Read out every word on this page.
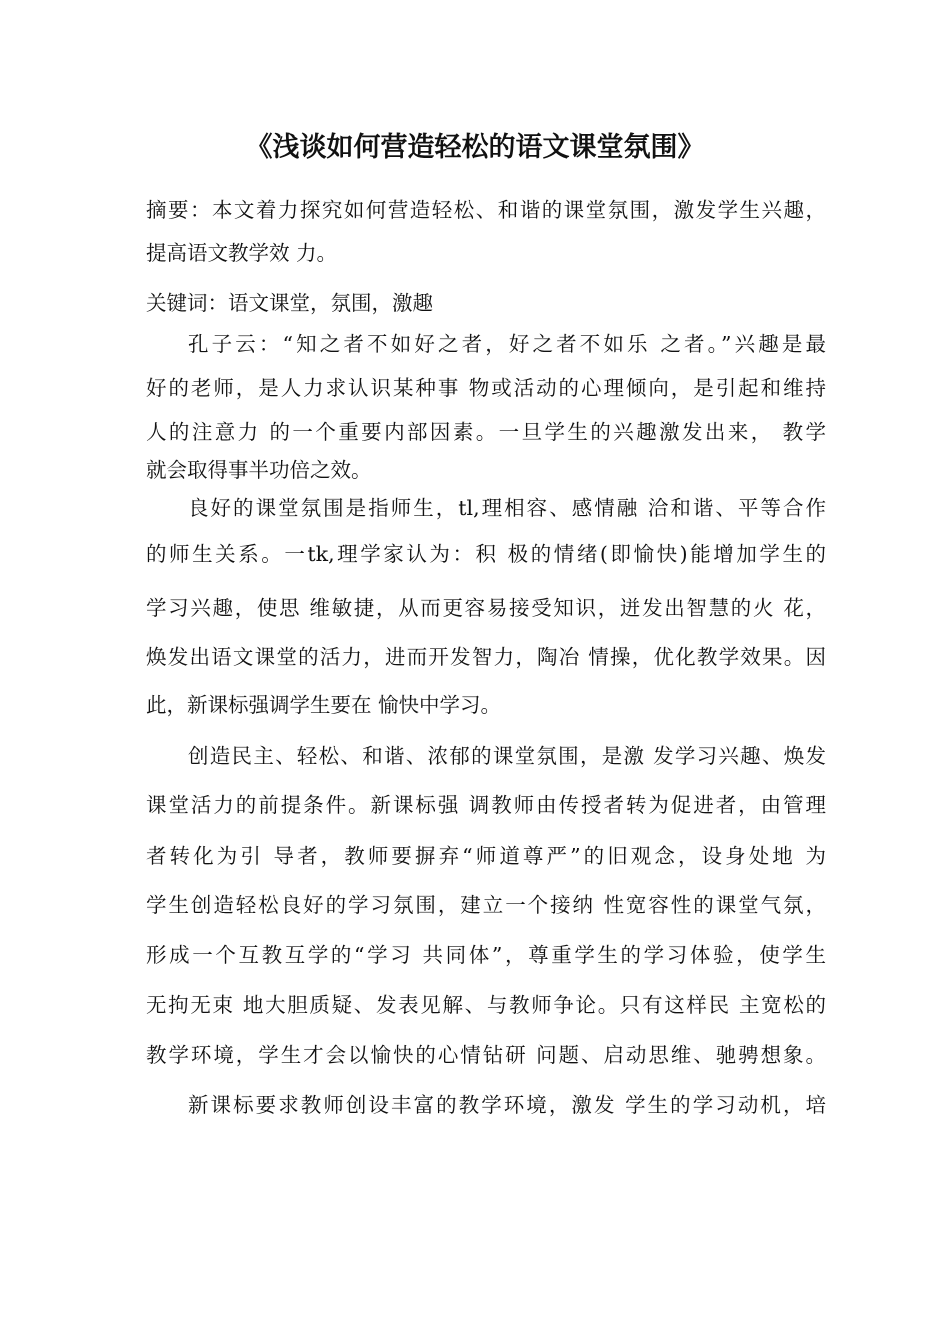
《浅谈如何营造轻松的语文课堂氛围》

摘要：本文着力探究如何营造轻松、和谐的课堂氛围，激发学生兴趣，

提高语文教学效 力。

关键词：语文课堂，氛围，激趣

孔子云：“知之者不如好之者，好之者不如乐 之者。”兴趣是最

好的老师，是人力求认识某种事 物或活动的心理倾向，是引起和维持

人的注意力 的一个重要内部因素。一旦学生的兴趣激发出来， 教学

就会取得事半功倍之效。

良好的课堂氛围是指师生，tl,理相容、感情融 洽和谐、平等合作

的师生关系。一tk,理学家认为：积 极的情绪(即愉快)能增加学生的

学习兴趣，使思 维敏捷，从而更容易接受知识，迸发出智慧的火 花，

焕发出语文课堂的活力，进而开发智力，陶冶 情操，优化教学效果。因

此，新课标强调学生要在 愉快中学习。

创造民主、轻松、和谐、浓郁的课堂氛围，是激 发学习兴趣、焕发

课堂活力的前提条件。新课标强 调教师由传授者转为促进者，由管理

者转化为引 导者，教师要摒弃“师道尊严”的旧观念，设身处地 为

学生创造轻松良好的学习氛围，建立一个接纳 性宽容性的课堂气氛，

形成一个互教互学的“学习 共同体”，尊重学生的学习体验，使学生

无拘无束 地大胆质疑、发表见解、与教师争论。只有这样民 主宽松的

教学环境，学生才会以愉快的心情钻研 问题、启动思维、驰骋想象。

新课标要求教师创设丰富的教学环境，激发 学生的学习动机，培
